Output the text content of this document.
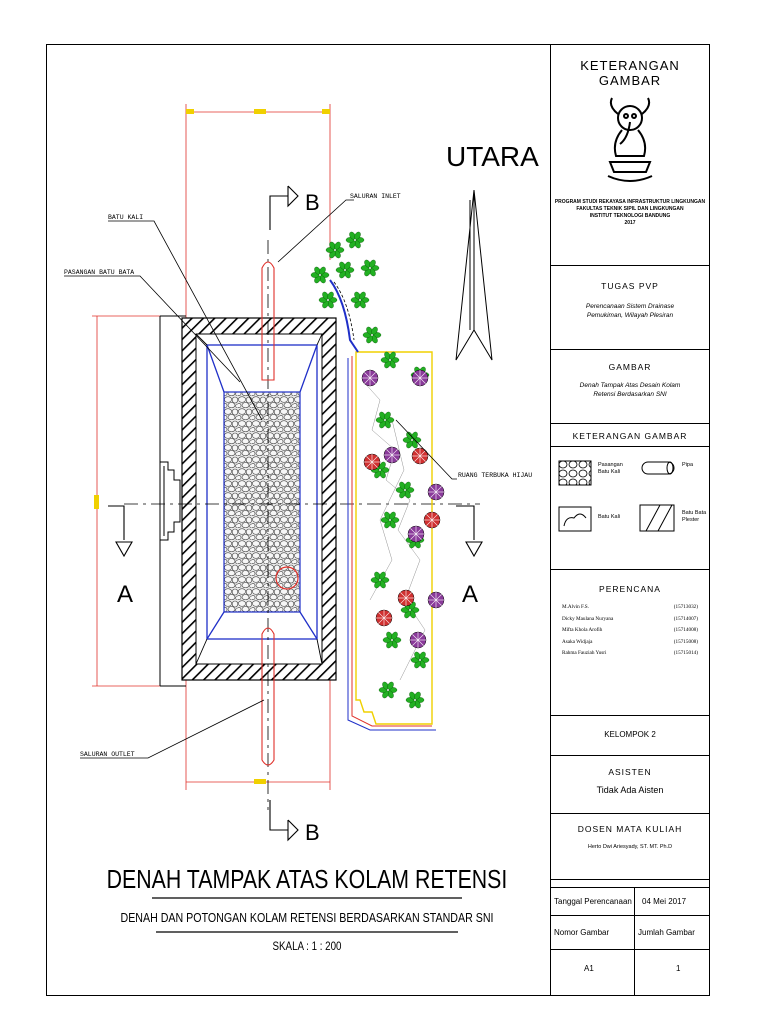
B
B
A	A
UTARA
BATU KALI
PASANGAN BATU BATA
SALURAN INLET
RUANG TERBUKA HIJAU
SALURAN OUTLET
DENAH TAMPAK ATAS KOLAM RETENSI
DENAH DAN POTONGAN KOLAM RETENSI BERDASARKAN STANDAR SNI
SKALA : 1 : 200
KETERANGAN GAMBAR
PROGRAM STUDI REKAYASA INFRASTRUKTUR LINGKUNGAN
FAKULTAS TEKNIK SIPIL DAN LINGKUNGAN
INSTITUT TEKNOLOGI BANDUNG
2017
TUGAS PVP
Perencanaan Sistem Drainase
Pemukiman, Wilayah Plesiran
GAMBAR
Denah Tampak Atas Desain Kolam
Retensi Berdasarkan SNI
KETERANGAN GAMBAR
Pasangan
Batu Kali
Pipa
Batu Kali
Batu Bata
Plester
PERENCANA
M.Alvin F.S.	(15713032)
Dicky Maulana Nuryana	(15714007)
Mifta Khola Arofih	(15714008)
Asaka Widjaja	(15715008)
Rahma Fauziah Yusri	(15715014)
KELOMPOK 2
ASISTEN
Tidak Ada Aisten
DOSEN MATA KULIAH
Herto Dwi Ariesyady, ST. MT. Ph.D
Tanggal Perencanaan 04 Mei 2017
Nomor Gambar	Jumlah Gambar
A1	1
